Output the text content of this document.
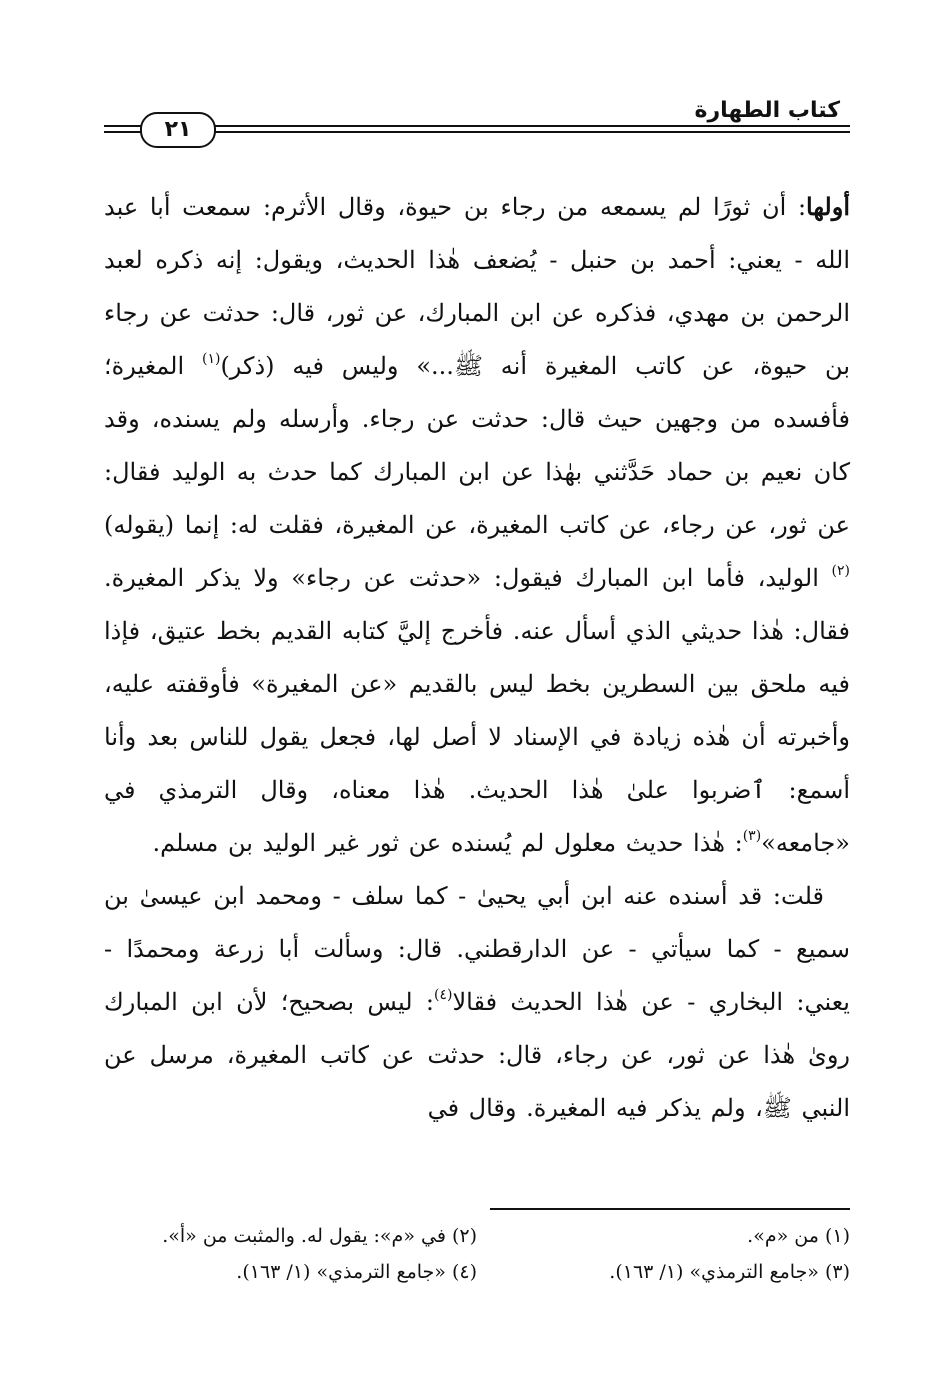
كتاب الطهارة
٢١

أولها: أن ثورًا لم يسمعه من رجاء بن حيوة، وقال الأثرم: سمعت أبا عبد الله - يعني: أحمد بن حنبل - يُضعف هٰذا الحديث، ويقول: إنه ذكره لعبد الرحمن بن مهدي، فذكره عن ابن المبارك، عن ثور، قال: حدثت عن رجاء بن حيوة، عن كاتب المغيرة أنه ﷺ...» وليس فيه (ذكر)$^{(١)}$ المغيرة؛ فأفسده من وجهين حيث قال: حدثت عن رجاء. وأرسله ولم يسنده، وقد كان نعيم بن حماد حَدَّثني بهٰذا عن ابن المبارك كما حدث به الوليد فقال: عن ثور، عن رجاء، عن كاتب المغيرة، عن المغيرة، فقلت له: إنما (يقوله)$^{(٢)}$ الوليد، فأما ابن المبارك فيقول: «حدثت عن رجاء» ولا يذكر المغيرة. فقال: هٰذا حديثي الذي أسأل عنه. فأخرج إليَّ كتابه القديم بخط عتيق، فإذا فيه ملحق بين السطرين بخط ليس بالقديم «عن المغيرة» فأوقفته عليه، وأخبرته أن هٰذه زيادة في الإسناد لا أصل لها، فجعل يقول للناس بعد وأنا أسمع: ٱضربوا علىٰ هٰذا الحديث. هٰذا معناه، وقال الترمذي في «جامعه»$^{(٣)}$: هٰذا حديث معلول لم يُسنده عن ثور غير الوليد بن مسلم.

قلت: قد أسنده عنه ابن أبي يحيىٰ - كما سلف - ومحمد ابن عيسىٰ بن سميع - كما سيأتي - عن الدارقطني. قال: وسألت أبا زرعة ومحمدًا - يعني: البخاري - عن هٰذا الحديث فقالا$^{(٤)}$: ليس بصحيح؛ لأن ابن المبارك روىٰ هٰذا عن ثور، عن رجاء، قال: حدثت عن كاتب المغيرة، مرسل عن النبي ﷺ، ولم يذكر فيه المغيرة. وقال في

(١) من «م».
(٢) في «م»: يقول له. والمثبت من «أ».
(٣) «جامع الترمذي» (١/ ١٦٣).
(٤) «جامع الترمذي» (١/ ١٦٣).
